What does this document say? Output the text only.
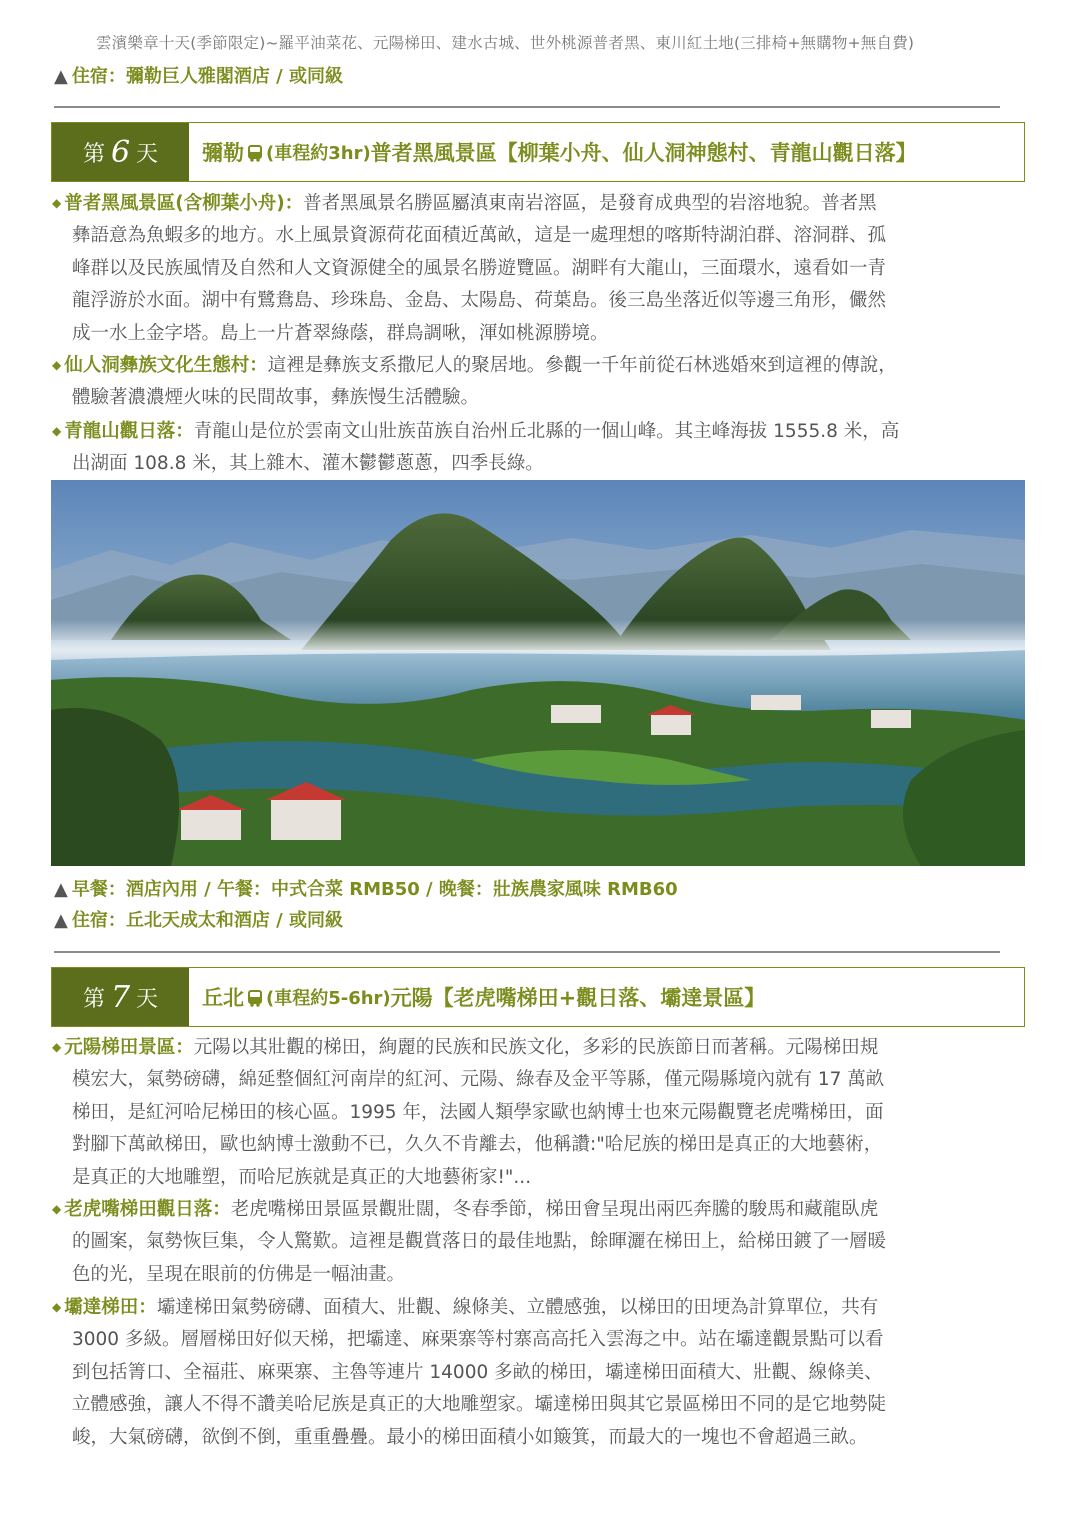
雲濱樂章十天(季節限定)~羅平油菜花、元陽梯田、建水古城、世外桃源普者黑、東川紅土地(三排椅+無購物+無自費)
▲ 住宿：彌勒巨人雅閣酒店 / 或同級
第 6 天 彌勒 (車程約3hr) 普者黑風景區【柳葉小舟、仙人洞神態村、青龍山觀日落】
◆ 普者黑風景區(含柳葉小舟)：普者黑風景名勝區屬滇東南岩溶區，是發育成典型的岩溶地貌。普者黑
彝語意為魚蝦多的地方。水上風景資源荷花面積近萬畝，這是一處理想的喀斯特湖泊群、溶洞群、孤
峰群以及民族風情及自然和人文資源健全的風景名勝遊覽區。湖畔有大龍山，三面環水，遠看如一青
龍浮游於水面。湖中有鷺鴦島、珍珠島、金島、太陽島、荷葉島。後三島坐落近似等邊三角形，儼然
成一水上金字塔。島上一片蒼翠綠蔭，群鳥調啾，渾如桃源勝境。
◆ 仙人洞彝族文化生態村：這裡是彝族支系撒尼人的聚居地。參觀一千年前從石林逃婚來到這裡的傳說，
體驗著濃濃煙火味的民間故事，彝族慢生活體驗。
◆ 青龍山觀日落：青龍山是位於雲南文山壯族苗族自治州丘北縣的一個山峰。其主峰海拔 1555.8 米，高
出湖面 108.8 米，其上雜木、灌木鬱鬱蔥蔥，四季長綠。
▲ 早餐：酒店內用 / 午餐：中式合菜 RMB50 / 晚餐：壯族農家風味 RMB60
▲ 住宿：丘北天成太和酒店 / 或同級
第 7 天 丘北 (車程約5-6hr) 元陽【老虎嘴梯田+觀日落、壩達景區】
◆ 元陽梯田景區：元陽以其壯觀的梯田，絢麗的民族和民族文化，多彩的民族節日而著稱。元陽梯田規
模宏大，氣勢磅礴，綿延整個紅河南岸的紅河、元陽、綠春及金平等縣，僅元陽縣境內就有 17 萬畝
梯田，是紅河哈尼梯田的核心區。1995 年，法國人類學家歐也納博士也來元陽觀覽老虎嘴梯田，面
對腳下萬畝梯田，歐也納博士激動不已，久久不肯離去，他稱讚:"哈尼族的梯田是真正的大地藝術，
是真正的大地雕塑，而哈尼族就是真正的大地藝術家!"...
◆ 老虎嘴梯田觀日落：老虎嘴梯田景區景觀壯闊，冬春季節，梯田會呈現出兩匹奔騰的駿馬和藏龍臥虎
的圖案，氣勢恢巨集，令人驚歎。這裡是觀賞落日的最佳地點，餘暉灑在梯田上，給梯田鍍了一層暖
色的光，呈現在眼前的仿佛是一幅油畫。
◆ 壩達梯田：壩達梯田氣勢磅礴、面積大、壯觀、線條美、立體感強，以梯田的田埂為計算單位，共有
3000 多級。層層梯田好似天梯，把壩達、麻栗寨等村寨高高托入雲海之中。站在壩達觀景點可以看
到包括箐口、全福莊、麻栗寨、主魯等連片 14000 多畝的梯田，壩達梯田面積大、壯觀、線條美、
立體感強，讓人不得不讚美哈尼族是真正的大地雕塑家。壩達梯田與其它景區梯田不同的是它地勢陡
峻，大氣磅礴，欲倒不倒，重重疊疊。最小的梯田面積小如簸箕，而最大的一塊也不會超過三畝。
